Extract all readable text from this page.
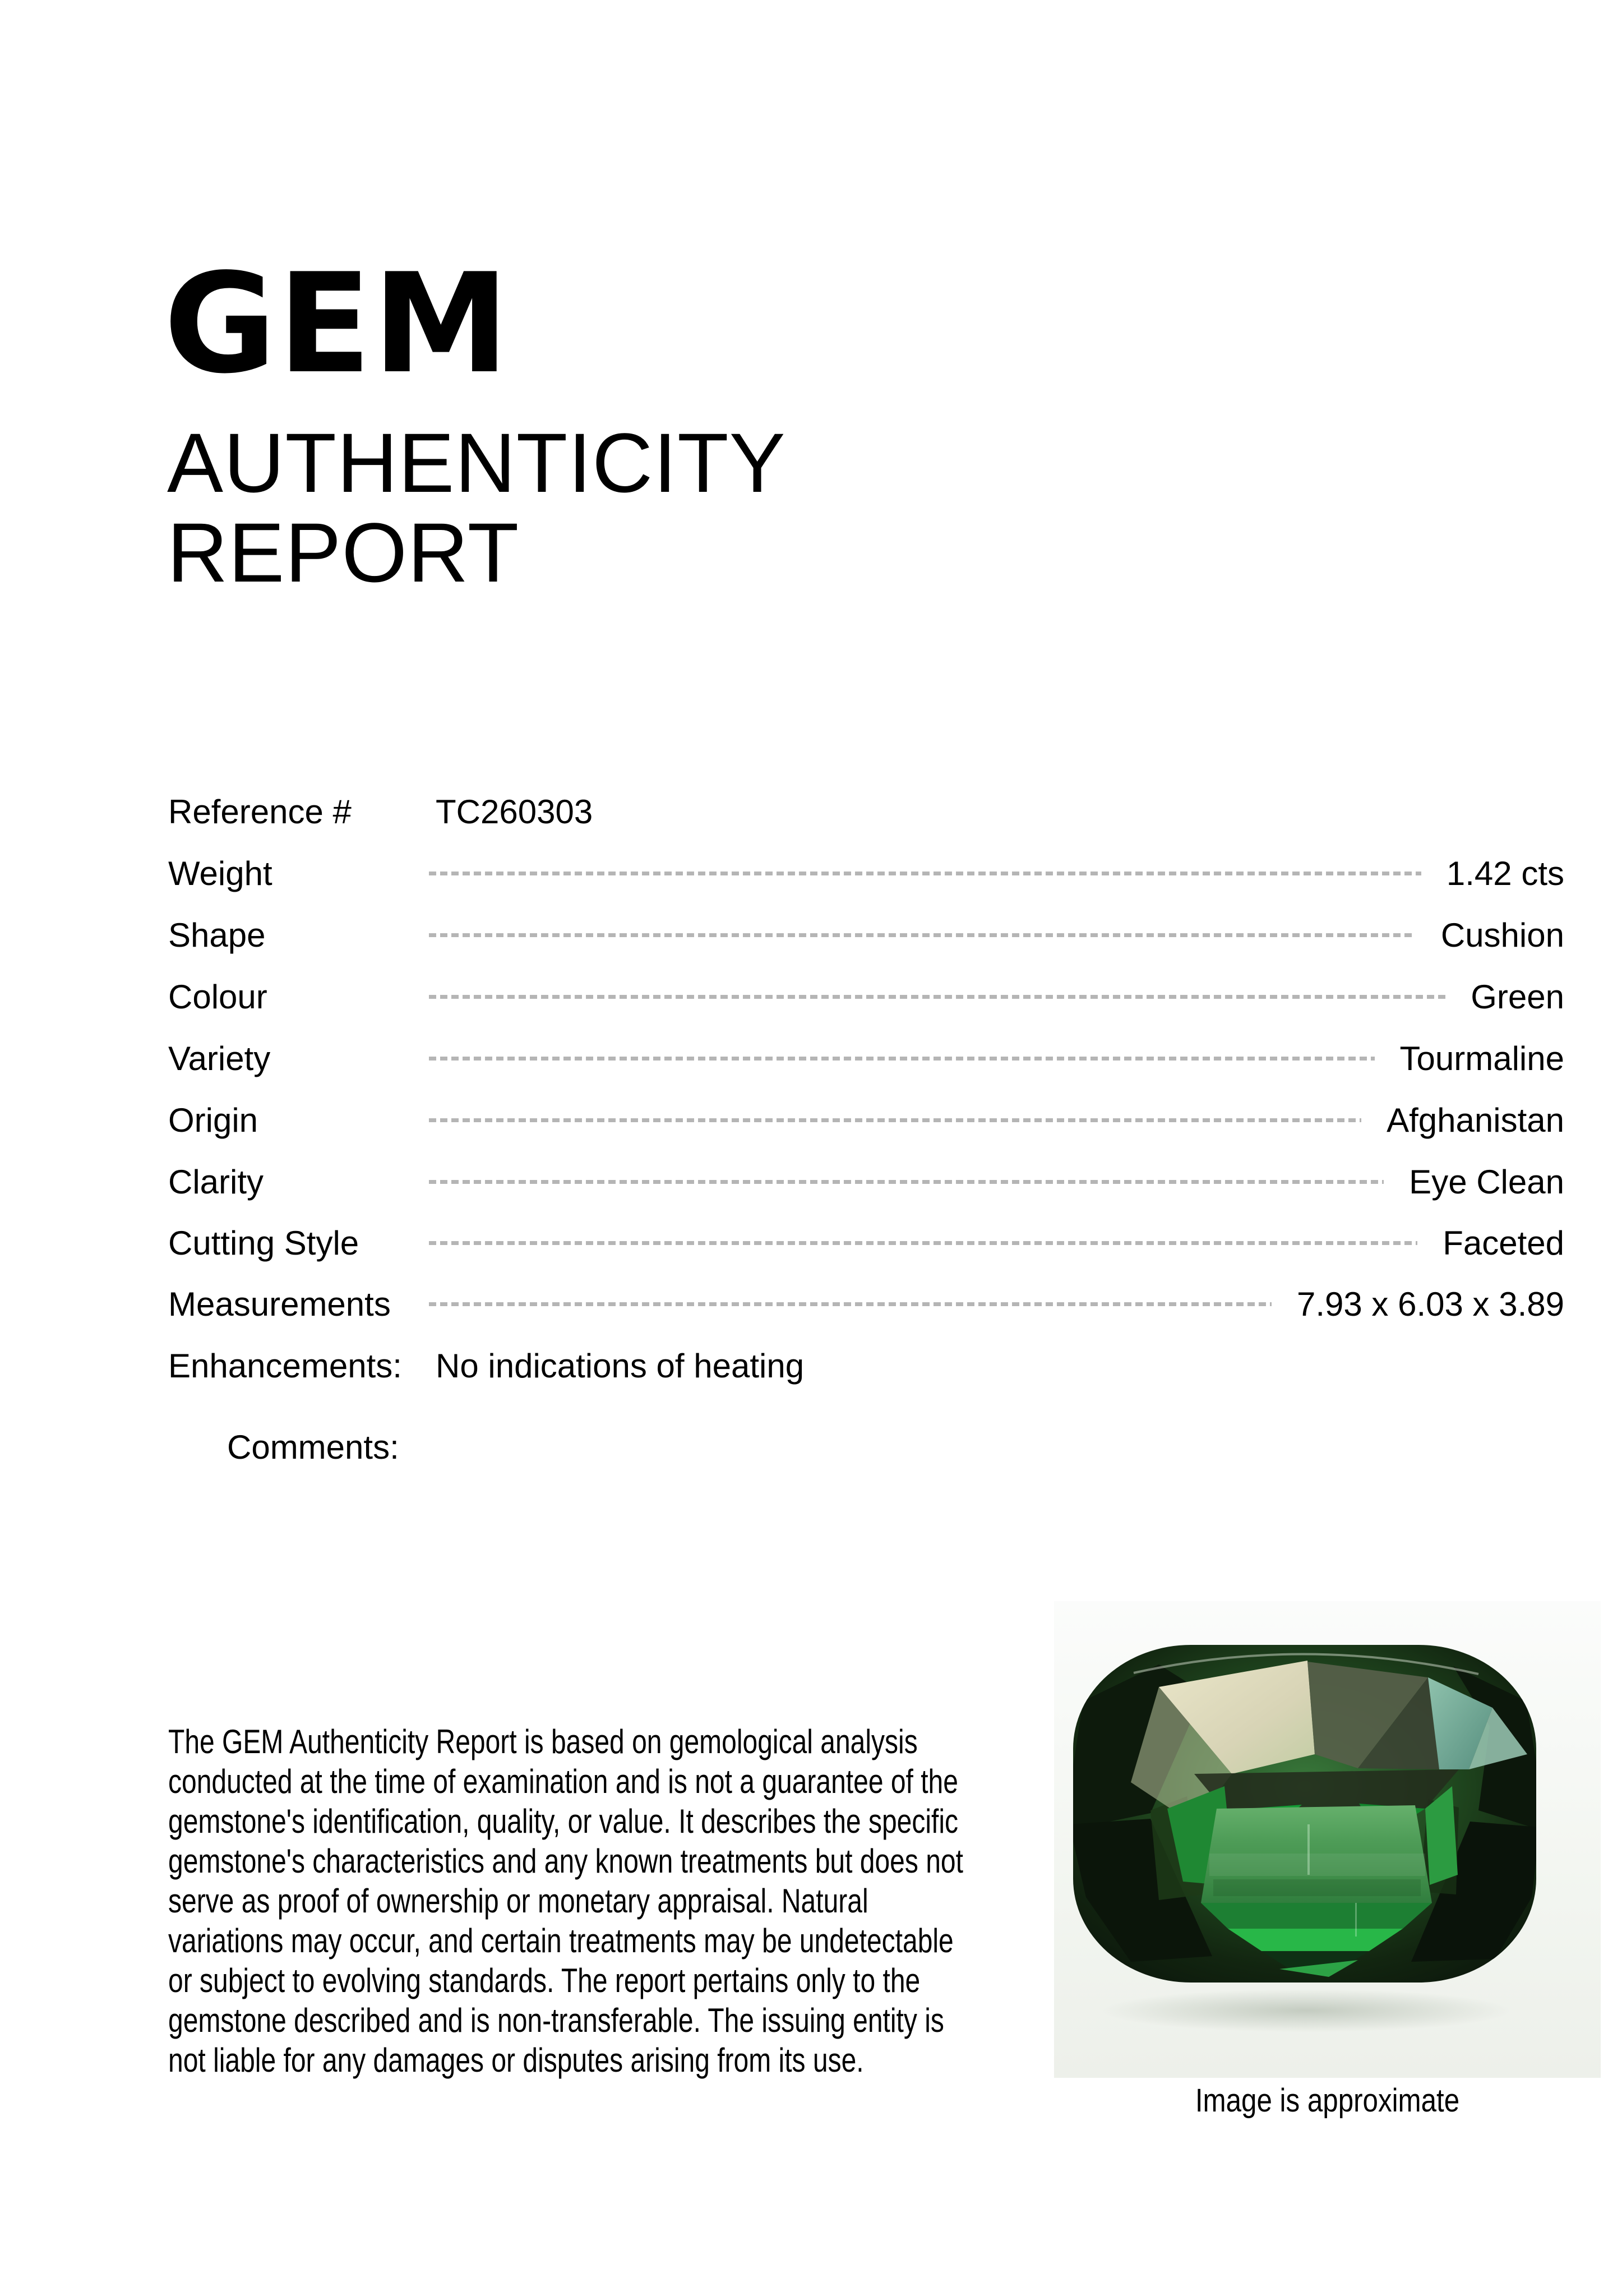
GEM
AUTHENTICITY
REPORT
Reference #	TC260303
Weight	1.42 cts
Shape	Cushion
Colour	Green
Variety	Tourmaline
Origin	Afghanistan
Clarity	Eye Clean
Cutting Style	Faceted
Measurements	7.93 x 6.03 x 3.89
Enhancements:	No indications of heating
Comments:
The GEM Authenticity Report is based on gemological analysis conducted at the time of examination and is not a guarantee of the gemstone's identification, quality, or value. It describes the specific gemstone's characteristics and any known treatments but does not serve as proof of ownership or monetary appraisal. Natural variations may occur, and certain treatments may be undetectable or subject to evolving standards. The report pertains only to the gemstone described and is non-transferable. The issuing entity is not liable for any damages or disputes arising from its use.
Image is approximate
